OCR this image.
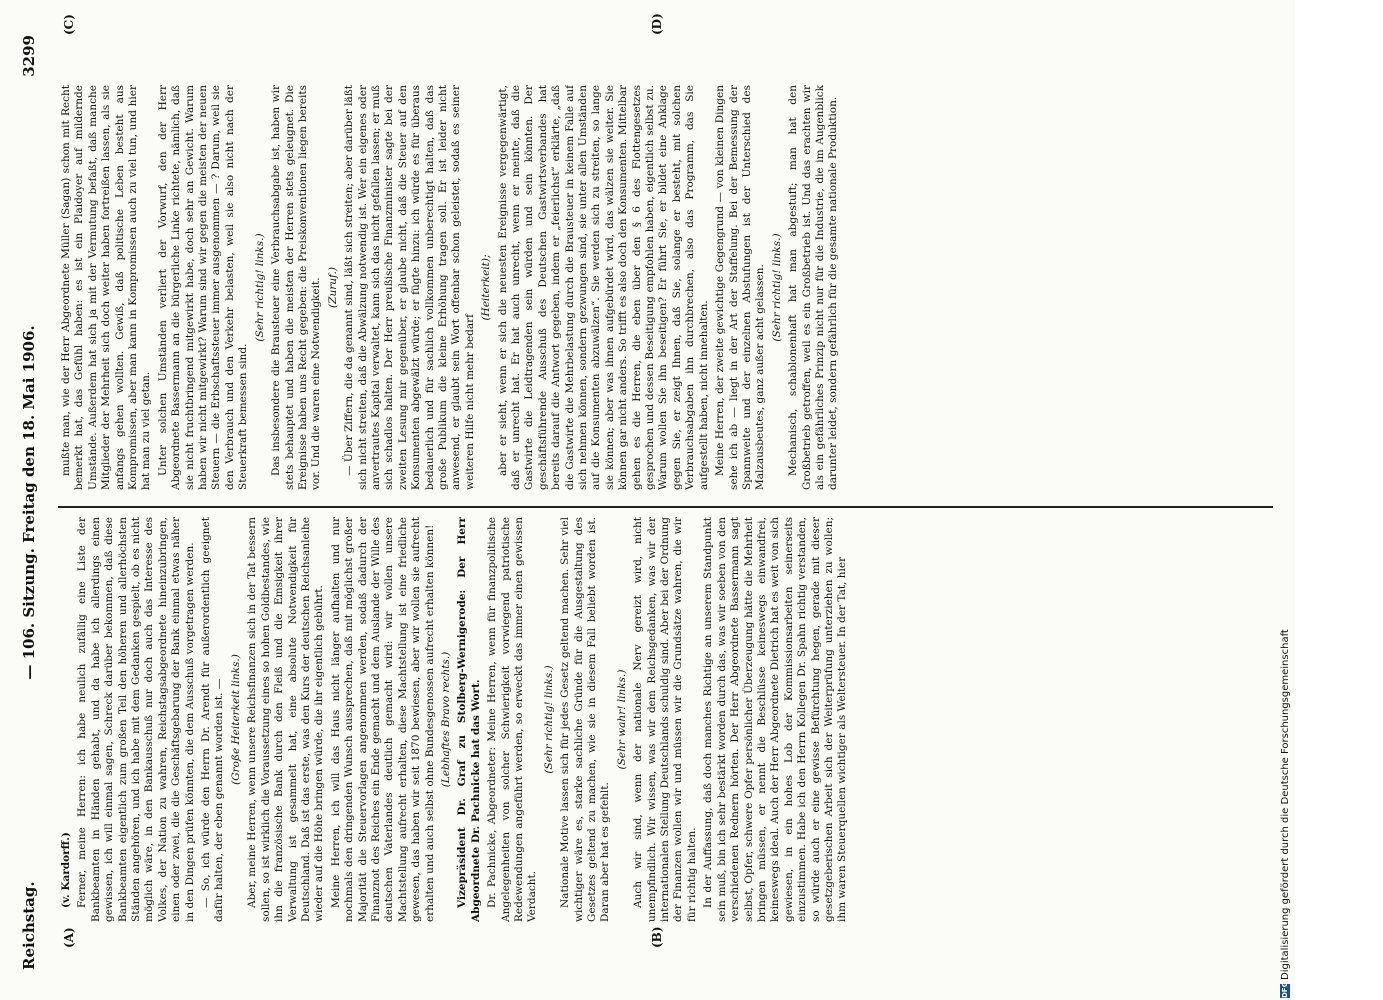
Reichstag.
— 106. Sitzung. Freitag den 18. Mai 1906.
3299
(A)	(B)
(C)	(D)

(v. Kardorff.) Ferner, meine Herren: ich habe neulich zufällig eine Liste der Bankbeamten in Händen gehabt, und da habe ich allerdings einen gewissen, ich will einmal sagen, Schreck darüber bekommen, daß diese Bankbeamten eigentlich zum großen Teil den höheren und allerhöchsten Ständen angehören, und ich habe mit dem Gedanken gespielt, ob es nicht möglich wäre, in den Bankausschuß nur doch auch das Interesse des Volkes, der Nation zu wahren, Reichstagsabgeordnete hineinzubringen, einen oder zwei, die die Geschäftsgebarung der Bank einmal etwas näher in den Dingen prüfen könnten, die dem Ausschuß vorgetragen werden. — So, ich würde den Herrn Dr. Arendt für außerordentlich geeignet dafür halten, der eben genannt worden ist. — (Große Heiterkeit links.) Aber, meine Herren, wenn unsere Reichsfinanzen sich in der Tat bessern sollen, so ist wirklich die Voraussetzung eines so hohen Goldbestandes, wie ihn die französische Bank durch den Fleiß und die Emsigkeit ihrer Verwaltung ist gesammelt hat, eine absolute Notwendigkeit für Deutschland. Daß ist das erste, was den Kurs der deutschen Reichsanleihe wieder auf die Höhe bringen würde, die ihr eigentlich gebührt. Meine Herren, ich will das Haus nicht länger aufhalten und nur nochmals den dringenden Wunsch aussprechen, daß mit möglichst großer Majorität die Steuervorlagen angenommen werden, sodaß dadurch der Finanznot des Reiches ein Ende gemacht und dem Auslande der Wille des deutschen Vaterlandes deutlich gemacht wird: wir wollen unsere Machtstellung aufrecht erhalten, diese Machtstellung ist eine friedliche gewesen, das haben wir seit 1870 bewiesen, aber wir wollen sie aufrecht erhalten und auch selbst ohne Bundesgenossen aufrecht erhalten können! (Lebhaftes Bravo rechts.) Vizepräsident Dr. Graf zu Stolberg-Wernigerode: Der Herr Abgeordnete Dr. Pachnicke hat das Wort. Dr. Pachnicke, Abgeordneter: Meine Herren, wenn für finanzpolitische Angelegenheiten von solcher Schwierigkeit vorwiegend patriotische Redewendungen angeführt werden, so erweckt das immer einen gewissen Verdacht.

(Sehr richtig! links.) Nationale Motive lassen sich für jedes Gesetz geltend machen. Sehr viel wichtiger wäre es, starke sachliche Gründe für die Ausgestaltung des Gesetzes geltend zu machen, wie sie in diesem Fall beliebt worden ist. Daran aber hat es gefehlt.

(Sehr wahr! links.) Auch wir sind, wenn der nationale Nerv gereizt wird, nicht unempfindlich. Wir wissen, was wir dem Reichsgedanken, was wir der internationalen Stellung Deutschlands schuldig sind. Aber bei der Ordnung der Finanzen wollen wir und müssen wir die Grundsätze wahren, die wir für richtig halten. In der Auffassung, daß doch manches Richtige an unserem Standpunkt sein muß, bin ich sehr bestärkt worden durch das, was wir soeben von den verschiedenen Rednern hörten. Der Herr Abgeordnete Bassermann sagt selbst, Opfer, schwere Opfer persönlicher Überzeugung hätte die Mehrheit bringen müssen, er nennt die Beschlüsse keineswegs einwandfrei, keineswegs ideal. Auch der Herr Abgeordnete Dietrich hat es weit von sich gewiesen, in ein hohes Lob der Kommissionsarbeiten seinerseits einzustimmen. Habe ich den Herrn Kollegen Dr. Spahn richtig verstanden, so würde auch er eine gewisse Befürchtung hegen, gerade mit dieser gesetzgeberischen Arbeit sich der Weiterprüfung unterziehen zu wollen; ihm waren Steuerquellen wichtiger als Weltersteuer. In der Tat, hier

mußte man, wie der Herr Abgeordnete Müller (Sagan) schon mit Recht bemerkt hat, das Gefühl haben: es ist ein Plaidoyer auf mildernde Umstände. Außerdem hat sich ja mit der Vermutung befaßt, daß manche Mitglieder der Mehrheit sich doch weiter haben fortreißen lassen, als sie anfangs gehen wollten. Gewiß, daß politische Leben besteht aus Kompromissen, aber man kann in Kompromissen auch zu viel tun, und hier hat man zu viel getan. Unter solchen Umständen verliert der Vorwurf, den der Herr Abgeordnete Bassermann an die bürgerliche Linke richtete, nämlich, daß sie nicht fruchtbringend mitgewirkt habe, doch sehr an Gewicht. Warum haben wir nicht mitgewirkt? Warum sind wir gegen die meisten der neuen Steuern — die Erbschaftssteuer immer ausgenommen — ? Darum, weil sie den Verbrauch und den Verkehr belasten, weil sie also nicht nach der Steuerkraft bemessen sind.

(Sehr richtig! links.) Das insbesondere die Brausteuer eine Verbrauchsabgabe ist, haben wir stets behauptet und haben die meisten der Herren stets geleugnet. Die Ereignisse haben uns Recht gegeben: die Preiskonventionen liegen bereits vor. Und die waren eine Notwendigkeit. (Zuruf.) — Über Ziffern, die da genannt sind, läßt sich streiten; aber darüber läßt sich nicht streiten, daß die Abwälzung notwendig ist. Wer ein eigenes oder anvertrautes Kapital verwaltet, kann sich das nicht gefallen lassen; er muß sich schadlos halten. Der Herr preußische Finanzminister sagte bei der zweiten Lesung mir gegenüber, er glaube nicht, daß die Steuer auf den Konsumenten abgewälzt würde; er fügte hinzu: ich würde es für überaus bedauerlich und für sachlich vollkommen unberechtigt halten, daß das große Publikum die kleine Erhöhung tragen soll. Er ist leider nicht anwesend, er glaubt sein Wort offenbar schon geleistet, sodaß es seiner weiteren Hilfe nicht mehr bedarf

(Heiterkeit); aber er sieht, wenn er sich die neuesten Ereignisse vergegenwärtigt, daß er unrecht hat. Er hat auch unrecht, wenn er meinte, daß die Gastwirte die Leidtragenden sein würden und sein könnten. Der geschäftsführende Ausschuß des Deutschen Gastwirtsverbandes hat bereits darauf die Antwort gegeben, indem er „feierlichst“ erklärte, „daß die Gastwirte die Mehrbelastung durch die Brausteuer in keinem Falle auf sich nehmen können, sondern gezwungen sind, sie unter allen Umständen auf die Konsumenten abzuwälzen“. Sie werden sich zu streiten, so lange sie können; aber was ihnen aufgebürdet wird, das wälzen sie weiter. Sie können gar nicht anders. So trifft es also doch den Konsumenten. Mittelbar gehen es die Herren, die eben über den § 6 des Flottengesetzes gesprochen und dessen Beseitigung empfohlen haben, eigentlich selbst zu. Warum wollen Sie ihn beseitigen? Er führt Sie, er bildet eine Anklage gegen Sie, er zeigt Ihnen, daß Sie, solange er besteht, mit solchen Verbrauchsabgaben ihn durchbrechen, also das Programm, das Sie aufgestellt haben, nicht innehalten. Meine Herren, der zweite gewichtige Gegengrund — von kleinen Dingen sehe ich ab — liegt in der Art der Staffelung. Bei der Bemessung der Spannweite und der einzelnen Abstufungen ist der Unterschied des Malzausbeutes, ganz außer acht gelassen. (Sehr richtig! links.) Mechanisch, schablonenhaft hat man abgestuft; man hat den Großbetrieb getroffen, weil es ein Großbetrieb ist. Und das erachten wir als ein gefährliches Prinzip nicht nur für die Industrie, die im Augenblick darunter leidet, sondern gefährlich für die gesamte nationale Produktion.

DFG
Digitalisierung gefördert durch die Deutsche Forschungsgemeinschaft
